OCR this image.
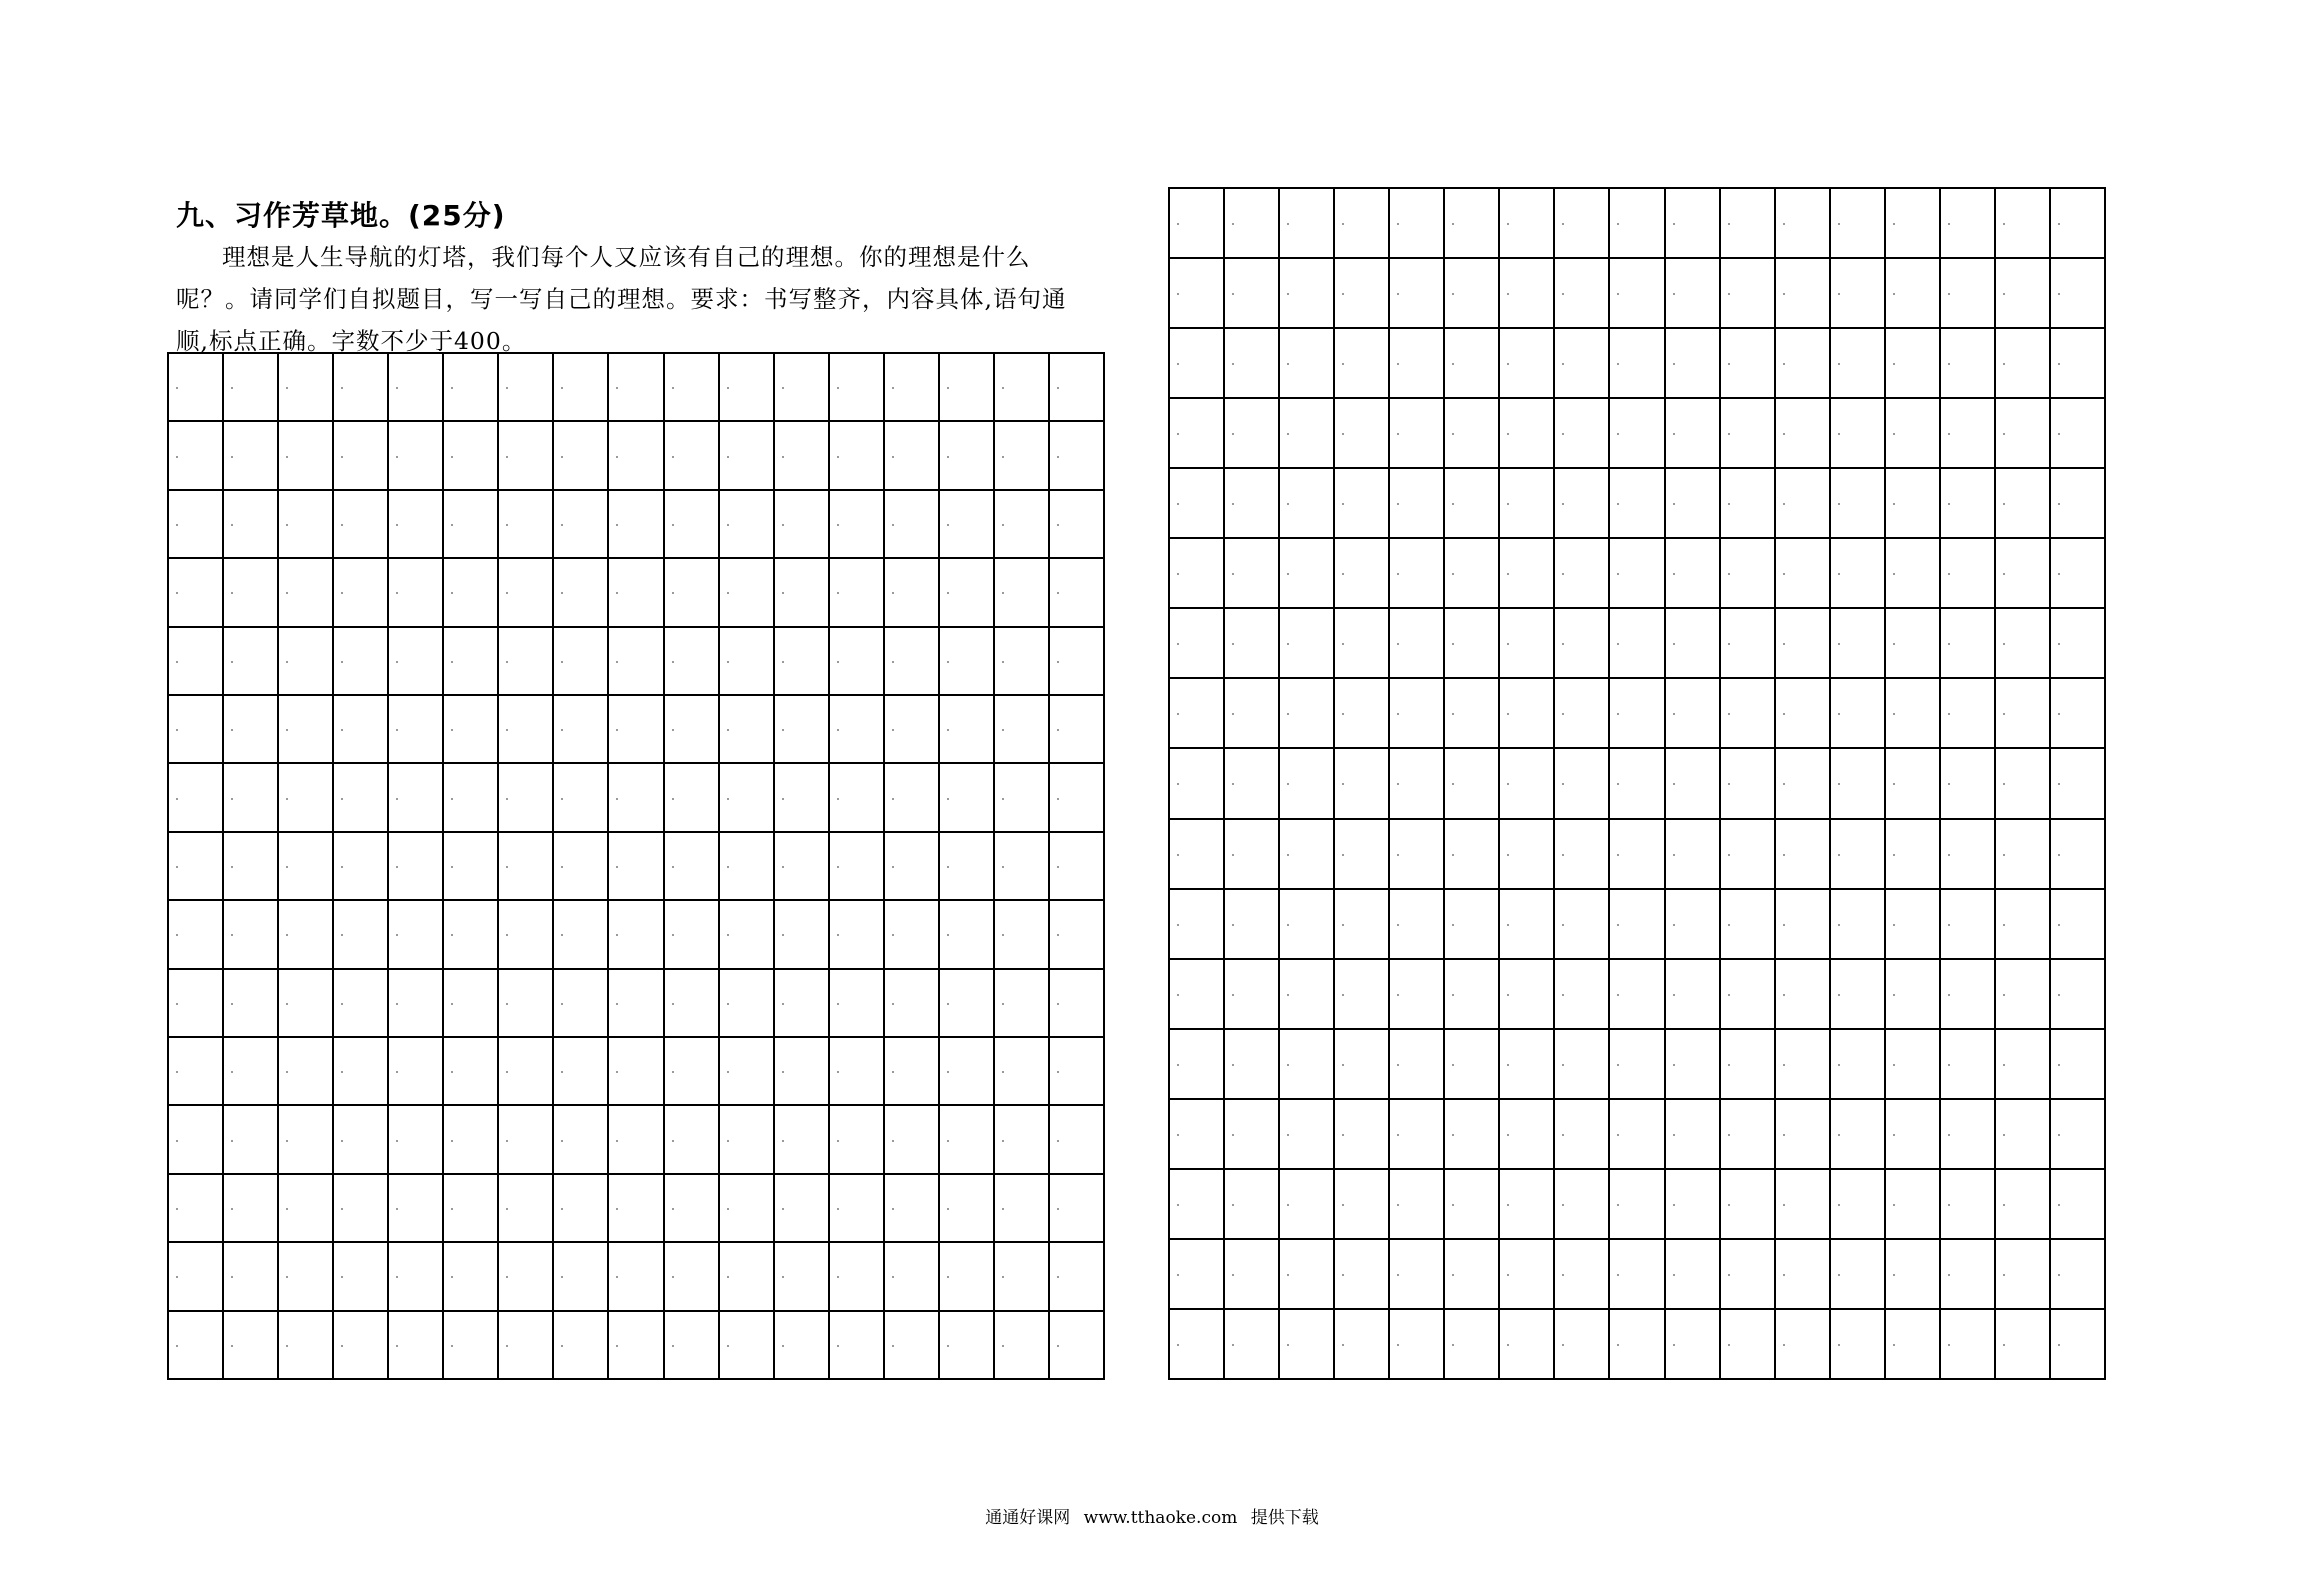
九、习作芳草地。(25分)

理想是人生导航的灯塔，我们每个人又应该有自己的理想。你的理想是什么

呢？。请同学们自拟题目，写一写自己的理想。要求：书写整齐，内容具体,语句通

顺,标点正确。字数不少于400。

通通好课网 www.tthaoke.com 提供下载
